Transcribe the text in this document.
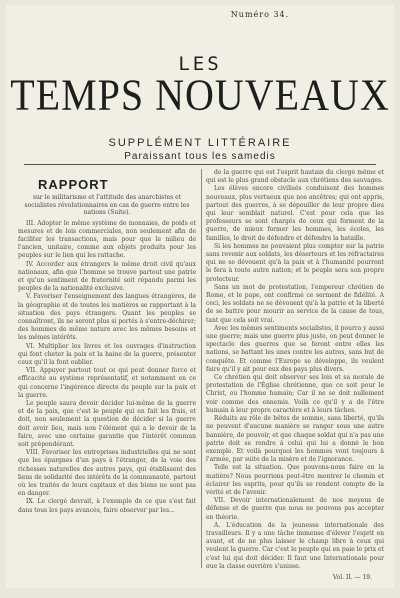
Numéro 34.
LES
TEMPS NOUVEAUX
SUPPLÉMENT LITTÉRAIRE
Paraissant tous les samedis
RAPPORT
sur le militarisme et l'attitude des anarchistes et socialistes révolutionnaires en cas de guerre entre les nations (Suite).

III. Adopter le même système de monnaies, de poids et mesures et de lois commerciales, non seulement afin de faciliter les transactions, mais pour que le milieu de l'ancien, unitaire, comme aux objets produits pour les peuples sur le lien qui les rattache.

IV. Accorder aux étrangers le même droit civil qu'aux nationaux, afin que l'homme se trouve partout une patrie et qu'un sentiment de fraternité soit répandu parmi les peuples de la nationalité exclusive.

V. Favoriser l'enseignement des langues étrangères, de la géographie et de toutes les matières se rapportant à la situation des pays étrangers. Quant les peuples se connaîtront, ils ne seront plus si portés à s'entre-déchirer; des hommes de même nature avec les mêmes besoins et les mêmes intérêts.

VI. Multiplier les livres et les ouvrages d'instruction qui font cheter la paix et la haine de la guerre, présenter ceux qu'il la font oublier.

VII. Appuyer partout tout ce qui peut donner force et efficacité au système représentatif, et notamment en ce qui concerne l'ingérence directe du peuple sur la paix et la guerre.

Le peuple saura devoir décider lui-même de la guerre et de la paix, que c'est le peuple qui en fait les frais, et doit, non seulement la question de décider si la guerre doit avoir lieu, mais non l'élément qui a le devoir de la faire, avec une certaine garantie que l'intérêt commun soit prépondérant.

VIII. Favoriser les entreprises industrielles qui ne sont que les épargnes d'un pays à l'étranger, de la voie des richesses naturelles des autres pays, qui établissent des liens de solidarité des intérêts de la communauté, partout où les traités de leurs capitaux et des biens ne sont pas en danger.

IX. Le clergé devrait, à l'exemple de ce que s'est fait dans tous les pays avancés, faire observer par les...

de la guerre qui est l'esprit hautain du clergé même et qui est le plus grand obstacle aux chrétiens des sauvages.

Les élèves encore civilisés conduisent des hommes nouveaux, plus vertueux que nos ancêtres; qui ont appris, partout des guerres, à se dépouiller de leur propre dieu qui leur semblait naturel. C'est pour cela que les professeurs se sont chargés de ceux qui forment de la guerre, de mieux former les hommes, les écoles, les familles, le droit de défendre et défendre la bataille.

Si les hommes ne pouvaient plus compter sur la patrie sans revenir aux soldats, les déserteurs et les réfractaires qui ne se dévouent qu'à la paix et à l'humanité pourront le fera à toute autre nation; et le peuple sera son propre protecteur.

Sans un mot de protestation, l'empereur chrétien de Rome, et le pape, ont confirmé ce serment de fidélité. A ceci, les soldats ne se dévouent qu'à la patrie et la liberté de se battre pour mourir au service de la cause de tous, tant que cela soit vrai.

Avec les mêmes sentiments socialistes, il pourra y aussi une guerre; mais une guerre plus juste, on peut donner le spectacle des guerres que se feront entre elles les nations, se battant les unes contre les autres, sans but de conquête. Et comme l'Europe se développe, ils veulent faire qu'il y ait pour eux des pays plus divers.

Ce chrétien qui doit observer ses lois et sa morale de protestation de l'Église chrétienne, que ce soit pour le Christ, ou l'homme humain; Car il ne se doit nullement voir comme des ennemis. Voilà ce qu'il y a de l'être humain à leur propre caractère et à leurs tâches.

Réduits au rôle de bêtes de somme, sans liberté, qu'ils ne peuvent d'aucune manière se ranger sous une autre bannière, de pouvoir, et que chaque soldat qui n'a pas une patrie doit se rendre à celui qui lui a donné le bon exemple. Et voilà pourquoi les hommes vont toujours à l'armée, par suite de la misère et de l'ignorance.

Telle est la situation. Que pouvons-nous faire en la matière? Nous pourrions peut-être montrer le chemin et éclairer les esprits, pour qu'ils se rendent compte de la vérité et de l'avenir.

VII. Devoir internationalement de nos moyens de défense et de guerre que nous ne pouvons pas accepter en théorie.

A. L'éducation de la jeunesse internationale des travailleurs. Il y a une tâche immense d'élever l'esprit en avant, et de ne plus laisser le champ libre à ceux qui veulent la guerre. Car c'est le peuple qui en paie le prix et c'est lui qui doit décider. Il faut une Internationale pour que la classe ouvrière s'unisse.

Vol. II. — 19.
